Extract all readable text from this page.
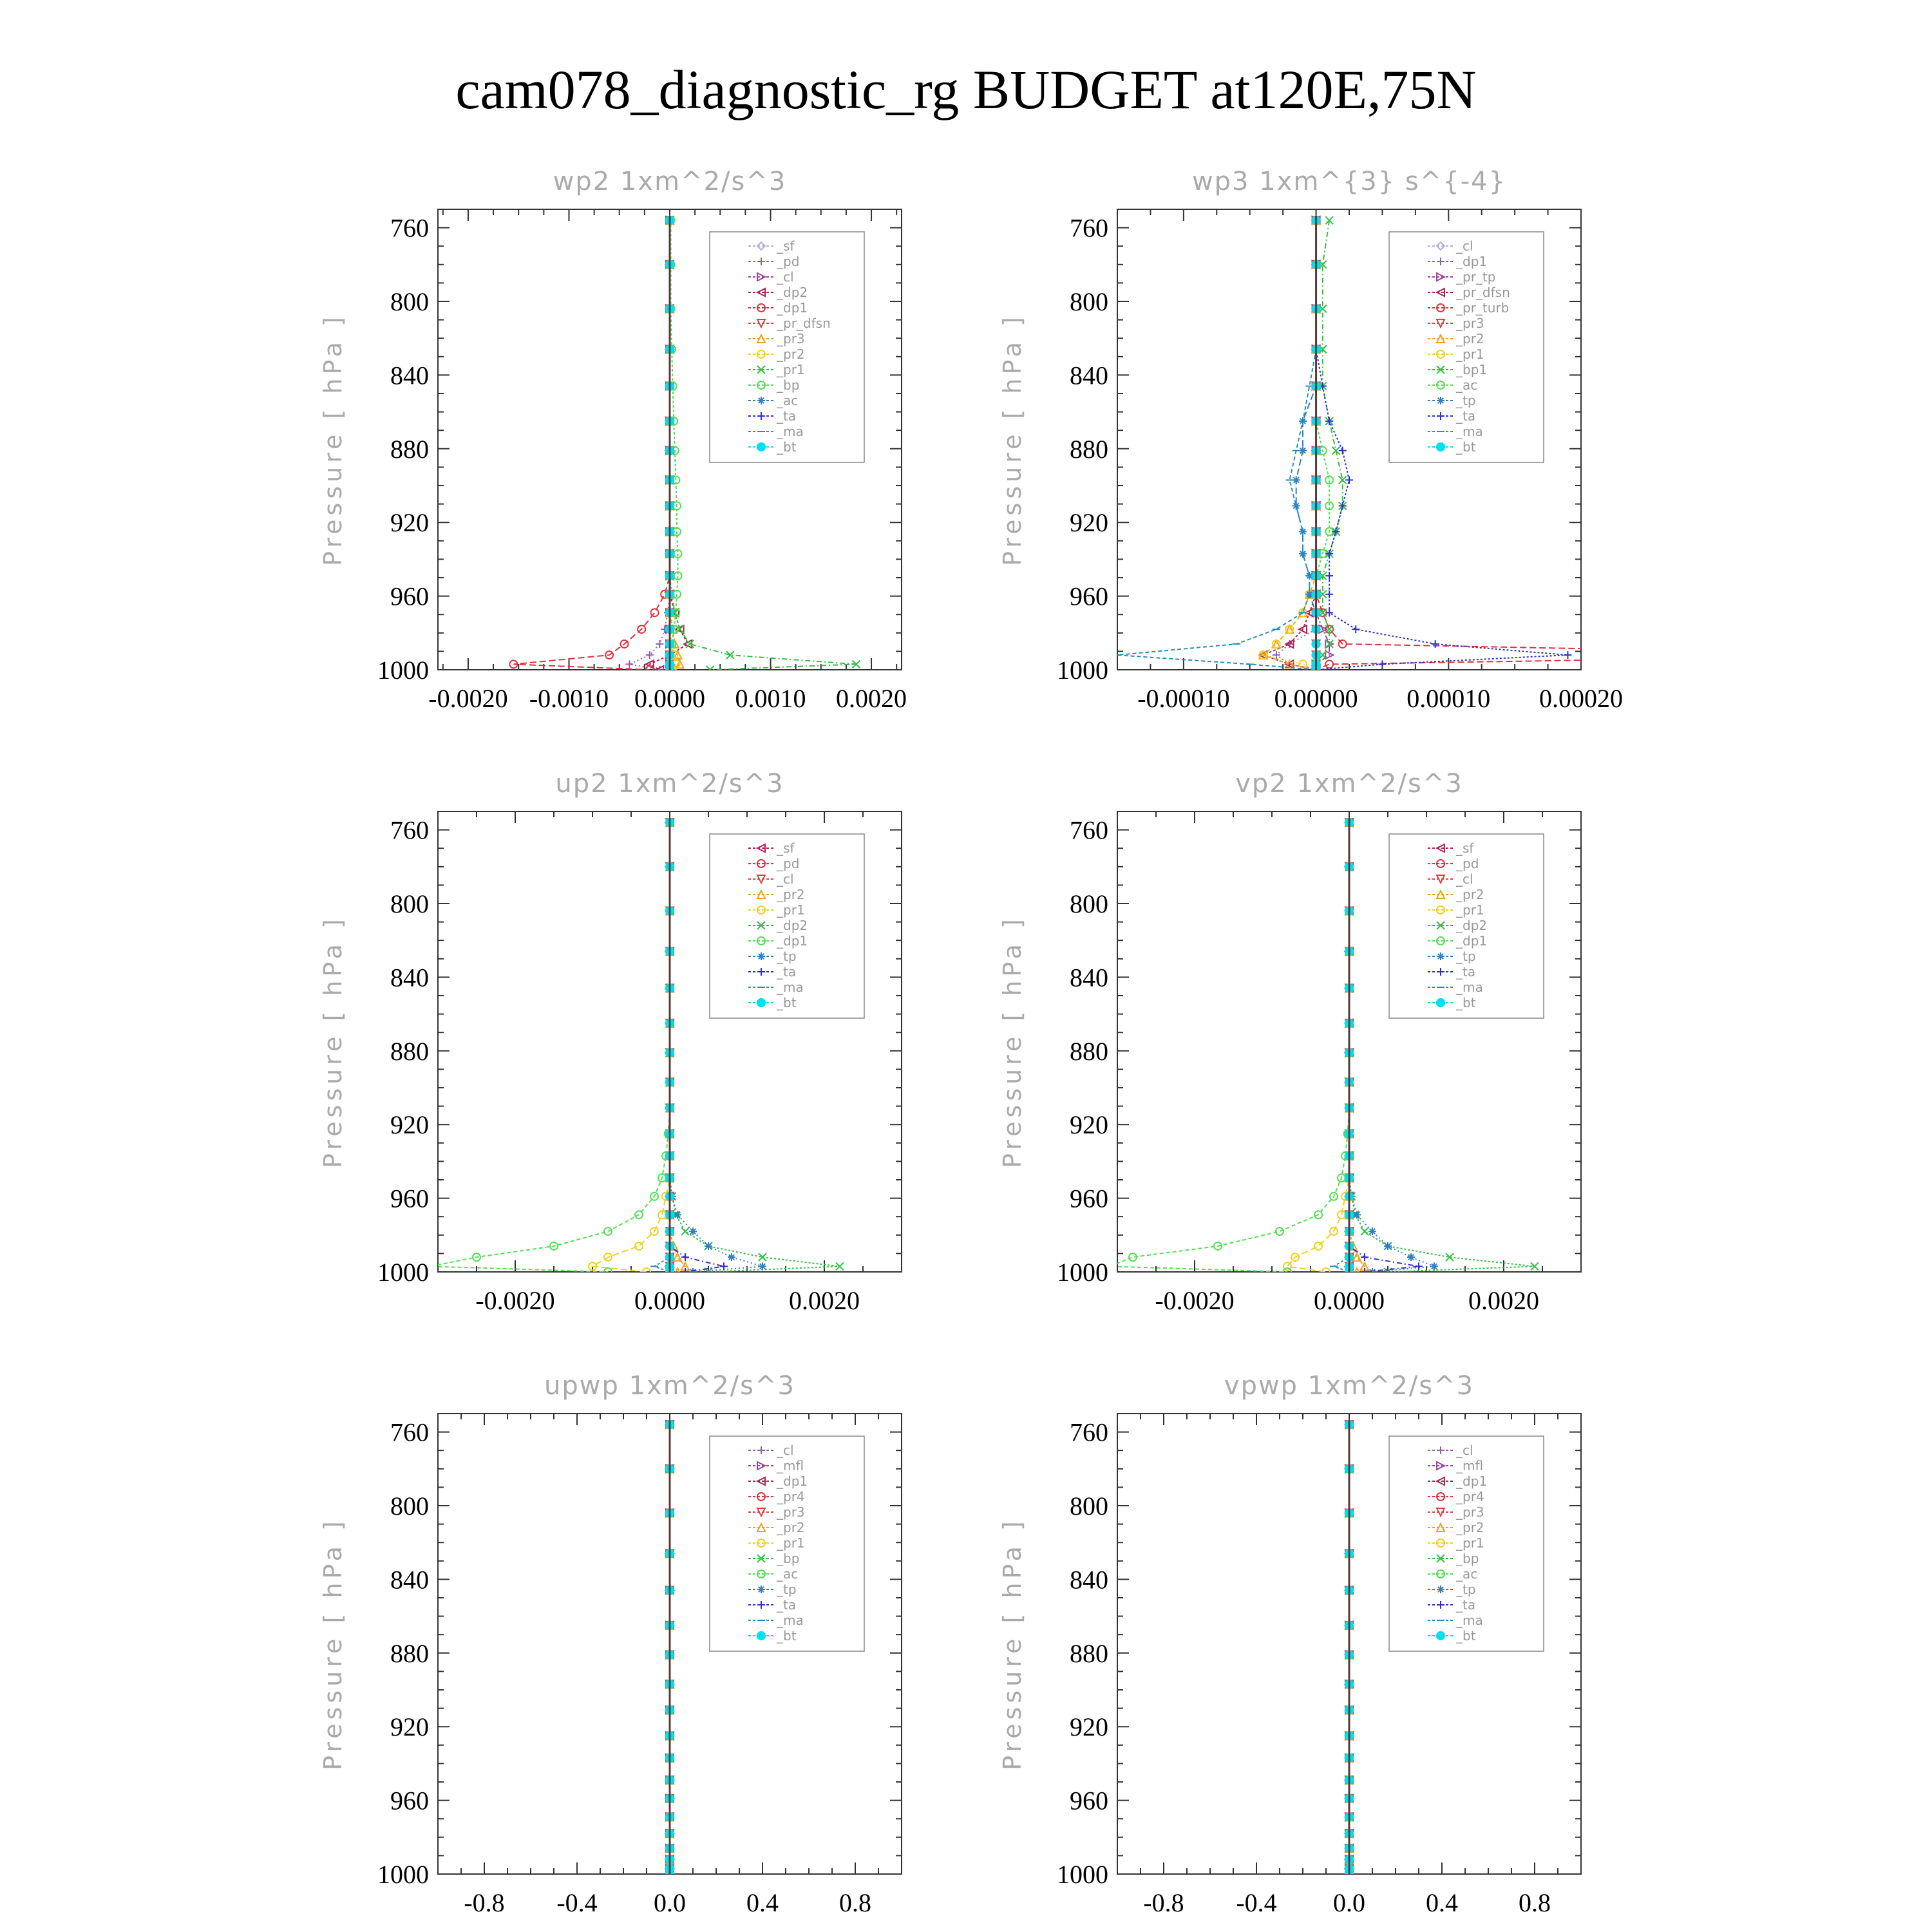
cam078_diagnostic_rg BUDGET at120E,75N
wp2 1xm^2/s^3
Pressure [ hPa ]
760
800
840
880
920
960
1000
-0.0020 -0.0010 0.0000 0.0010 0.0020
_sf
_pd
_cl
_dp2
_dp1
_pr_dfsn
_pr3
_pr2
_pr1
_bp
_ac
_ta
_ma
_bt
wp3 1xm^{3} s^{-4}
Pressure [ hPa ]
760
800
840
880
920
960
1000
-0.00010 0.00000 0.00010 0.00020
_cl
_dp1
_pr_tp
_pr_dfsn
_pr_turb
_pr3
_pr2
_pr1
_bp1
_ac
_tp
_ta
_ma
_bt
up2 1xm^2/s^3
Pressure [ hPa ]
760
800
840
880
920
960
1000
-0.0020	0.0000	0.0020
_sf
_pd
_cl
_pr2
_pr1
_dp2
_dp1
_tp
_ta
_ma
_bt
vp2 1xm^2/s^3
Pressure [ hPa ]
760
800
840
880
920
960
1000
-0.0020	0.0000	0.0020
_sf
_pd
_cl
_pr2
_pr1
_dp2
_dp1
_tp
_ta
_ma
_bt
upwp 1xm^2/s^3
Pressure [ hPa ]
760
800
840
880
920
960
1000
-0.8 -0.4 0.0 0.4 0.8
_cl
_mfl
_dp1
_pr4
_pr3
_pr2
_pr1
_bp
_ac
_tp
_ta
_ma
_bt
vpwp 1xm^2/s^3
Pressure [ hPa ]
760
800
840
880
920
960
1000
-0.8 -0.4 0.0 0.4 0.8
_cl
_mfl
_dp1
_pr4
_pr3
_pr2
_pr1
_bp
_ac
_tp
_ta
_ma
_bt
